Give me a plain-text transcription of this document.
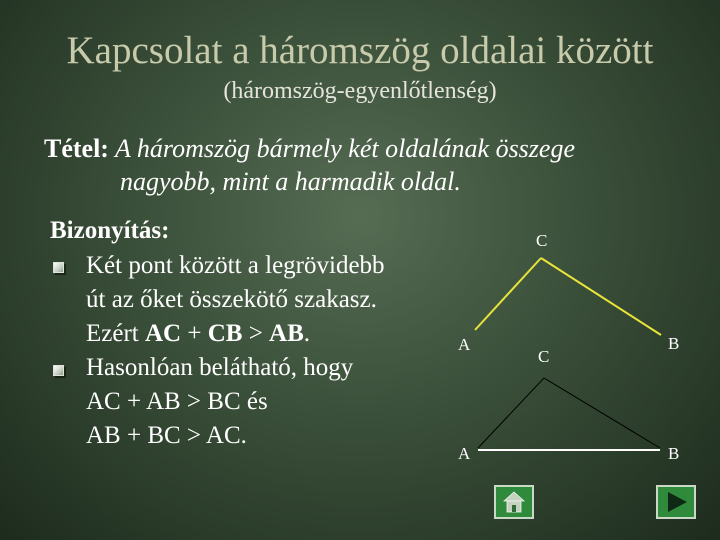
Kapcsolat a háromszög oldalai között
(háromszög-egyenlőtlenség)
Tétel: A háromszög bármely két oldalának összege
nagyobb, mint a harmadik oldal.
Bizonyítás:
Két pont között a legrövidebb
út az őket összekötő szakasz.
Ezért AC + CB > AB.
Hasonlóan belátható, hogy
AC + AB > BC és
AB + BC > AC.
C
A
C
B
A	B
